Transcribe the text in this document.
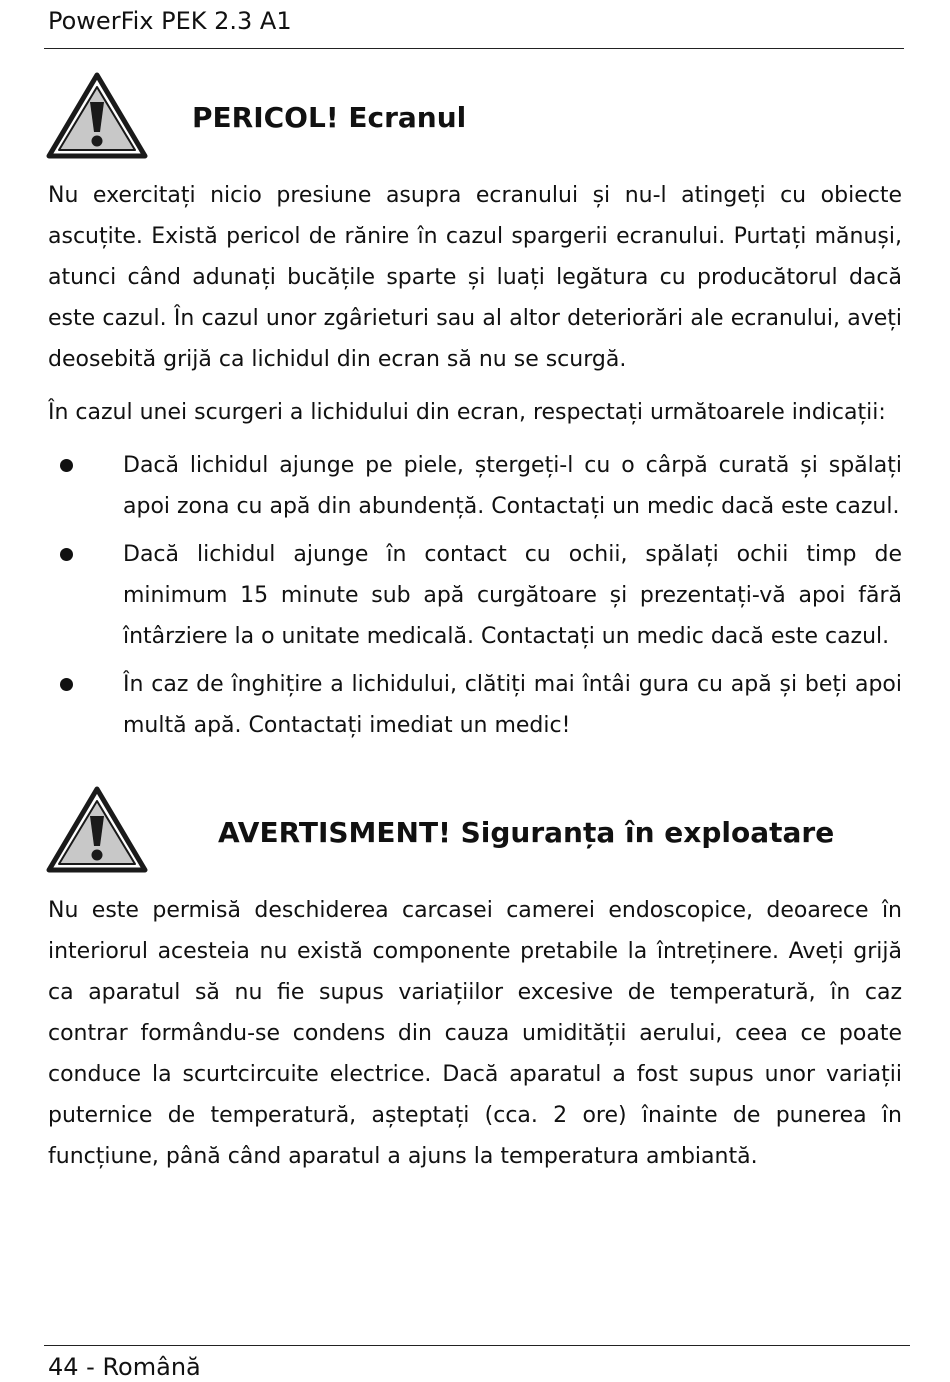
PowerFix PEK 2.3 A1
PERICOL! Ecranul

Nu exercitați nicio presiune asupra ecranului și nu-l atingeți cu obiecte ascuțite. Există pericol de rănire în cazul spargerii ecranului. Purtați mănuși, atunci când adunați bucățile sparte și luați legătura cu producătorul dacă este cazul. În cazul unor zgârieturi sau al altor deteriorări ale ecranului, aveți deosebită grijă ca lichidul din ecran să nu se scurgă.

În cazul unei scurgeri a lichidului din ecran, respectați următoarele indicații:

Dacă lichidul ajunge pe piele, ștergeți-l cu o cârpă curată și spălați apoi zona cu apă din abundență. Contactați un medic dacă este cazul.
Dacă lichidul ajunge în contact cu ochii, spălați ochii timp de minimum 15 minute sub apă curgătoare și prezentați-vă apoi fără întârziere la o unitate medicală. Contactați un medic dacă este cazul.
În caz de înghițire a lichidului, clătiți mai întâi gura cu apă și beți apoi multă apă. Contactați imediat un medic!
AVERTISMENT! Siguranța în exploatare

Nu este permisă deschiderea carcasei camerei endoscopice, deoarece în interiorul acesteia nu există componente pretabile la întreținere. Aveți grijă ca aparatul să nu fie supus variațiilor excesive de temperatură, în caz contrar formându-se condens din cauza umidității aerului, ceea ce poate conduce la scurtcircuite electrice. Dacă aparatul a fost supus unor variații puternice de temperatură, așteptați (cca. 2 ore) înainte de punerea în funcțiune, până când aparatul a ajuns la temperatura ambiantă.

44 - Română
